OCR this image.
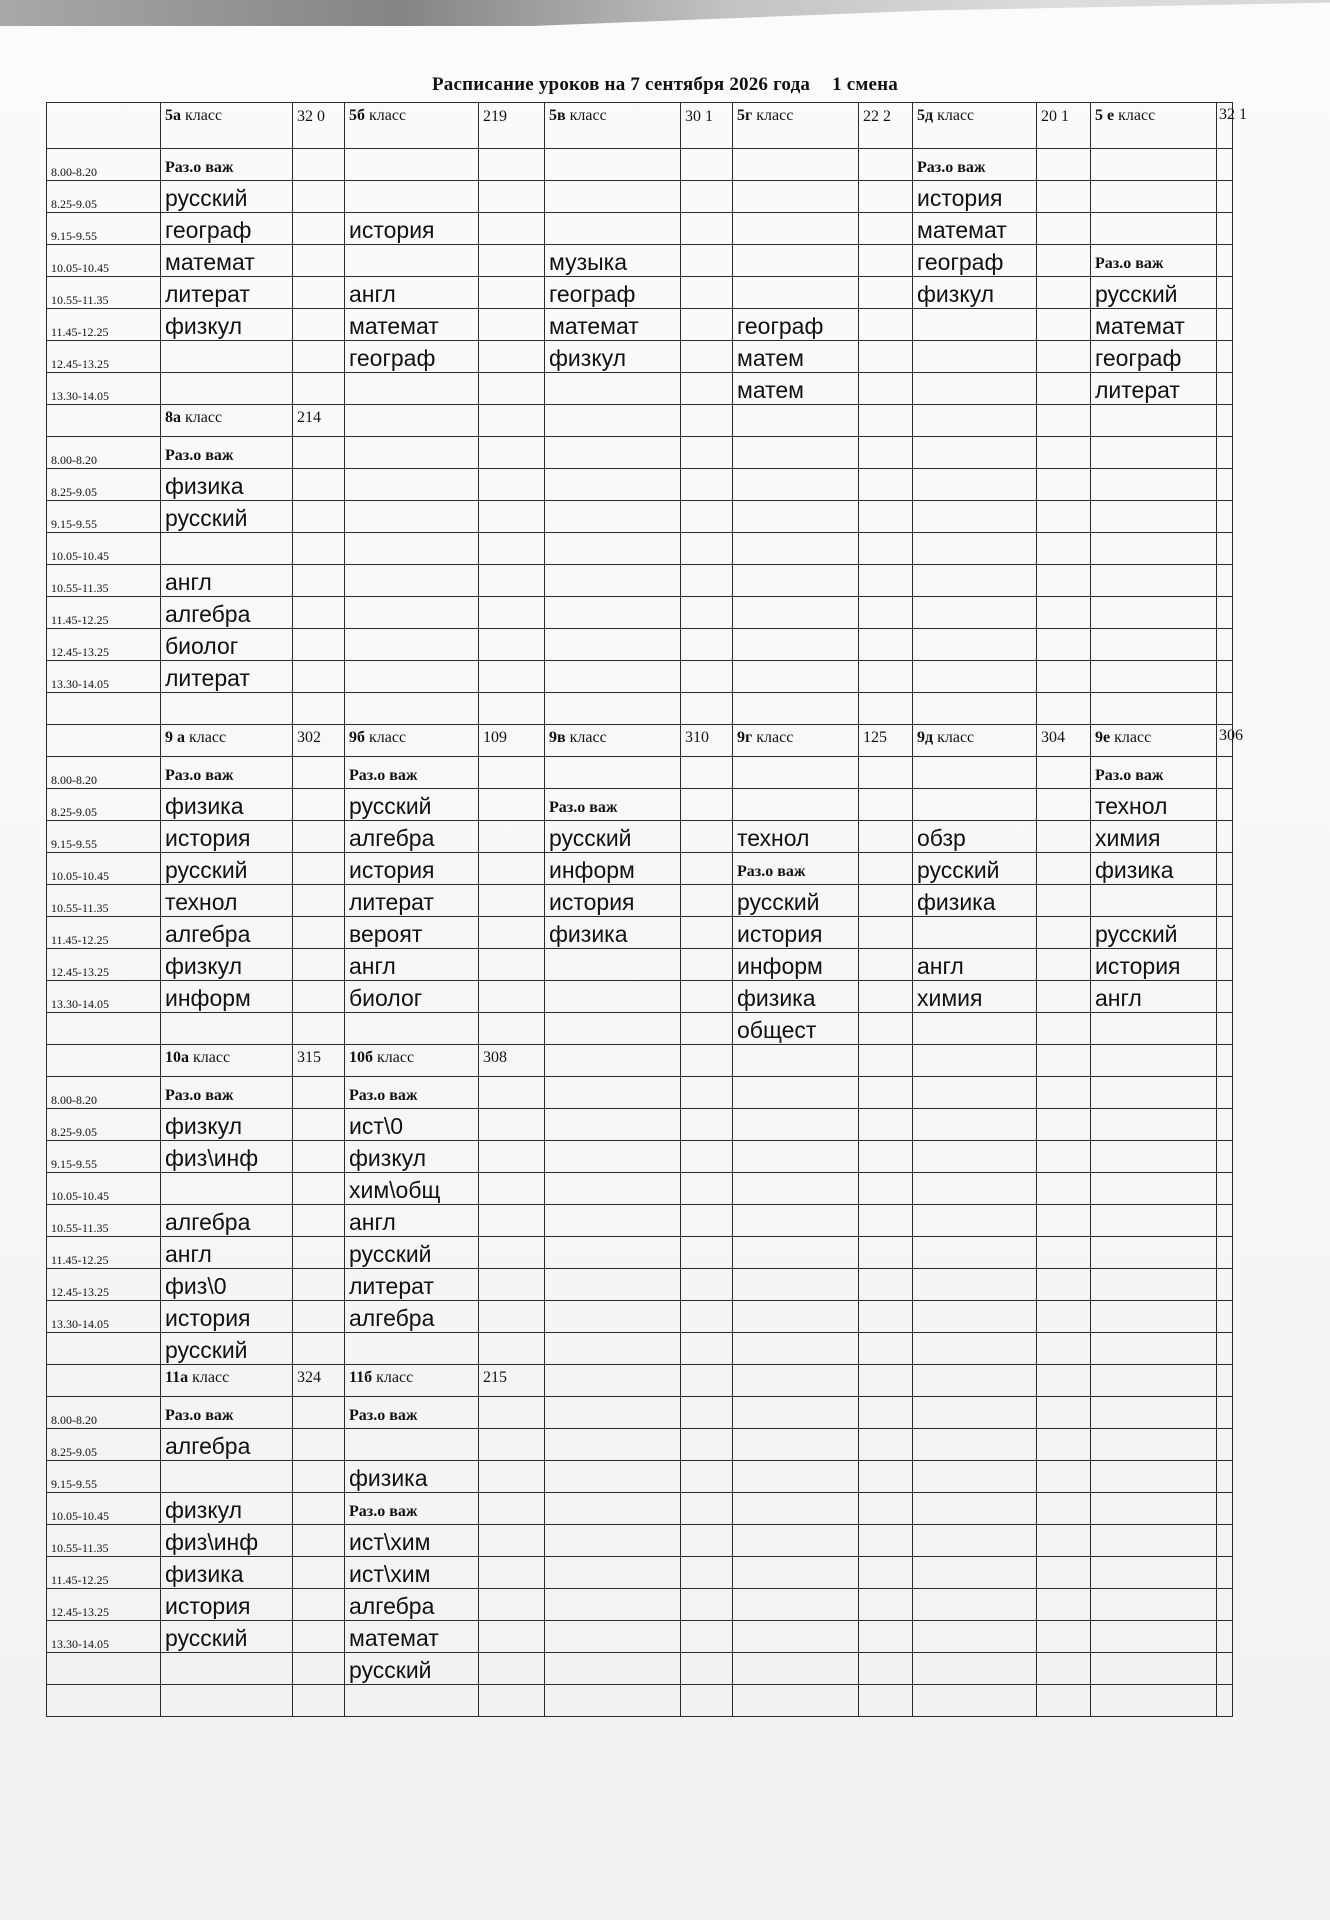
Расписание уроков на 7 сентября 2026 года 1 смена
	5а класс	32 0	5б класс	219	5в класс	30 1	5г класс	22 2	5д класс	20 1	5 е класс	32 1
8.00-8.20	Раз.о важ								Раз.о важ			
8.25-9.05	русский								история			
9.15-9.55	географ		история						математ			
10.05-10.45	математ				музыка				географ		Раз.о важ	
10.55-11.35	литерат		англ		географ				физкул		русский	
11.45-12.25	физкул		математ		математ		географ				математ	
12.45-13.25			географ		физкул		матем				географ	
13.30-14.05							матем				литерат	
	8а класс	214										
8.00-8.20	Раз.о важ											
8.25-9.05	физика											
9.15-9.55	русский											
10.05-10.45												
10.55-11.35	англ											
11.45-12.25	алгебра											
12.45-13.25	биолог											
13.30-14.05	литерат											

	9 а класс	302	9б класс	109	9в класс	310	9г класс	125	9д класс	304	9е класс	306
8.00-8.20	Раз.о важ		Раз.о важ								Раз.о важ	
8.25-9.05	физика		русский		Раз.о важ						технол	
9.15-9.55	история		алгебра		русский		технол		обзр		химия	
10.05-10.45	русский		история		информ		Раз.о важ		русский		физика	
10.55-11.35	технол		литерат		история		русский		физика			
11.45-12.25	алгебра		вероят		физика		история				русский	
12.45-13.25	физкул		англ				информ		англ		история	
13.30-14.05	информ		биолог				физика		химия		англ	
							общест					
	10а класс	315	10б класс	308								
8.00-8.20	Раз.о важ		Раз.о важ									
8.25-9.05	физкул		ист\0									
9.15-9.55	физ\инф		физкул									
10.05-10.45			хим\общ									
10.55-11.35	алгебра		англ									
11.45-12.25	англ		русский									
12.45-13.25	физ\0		литерат									
13.30-14.05	история		алгебра									
	русский											
	11а класс	324	11б класс	215								
8.00-8.20	Раз.о важ		Раз.о важ									
8.25-9.05	алгебра											
9.15-9.55			физика									
10.05-10.45	физкул		Раз.о важ									
10.55-11.35	физ\инф		ист\хим									
11.45-12.25	физика		ист\хим									
12.45-13.25	история		алгебра									
13.30-14.05	русский		математ									
			русский									
